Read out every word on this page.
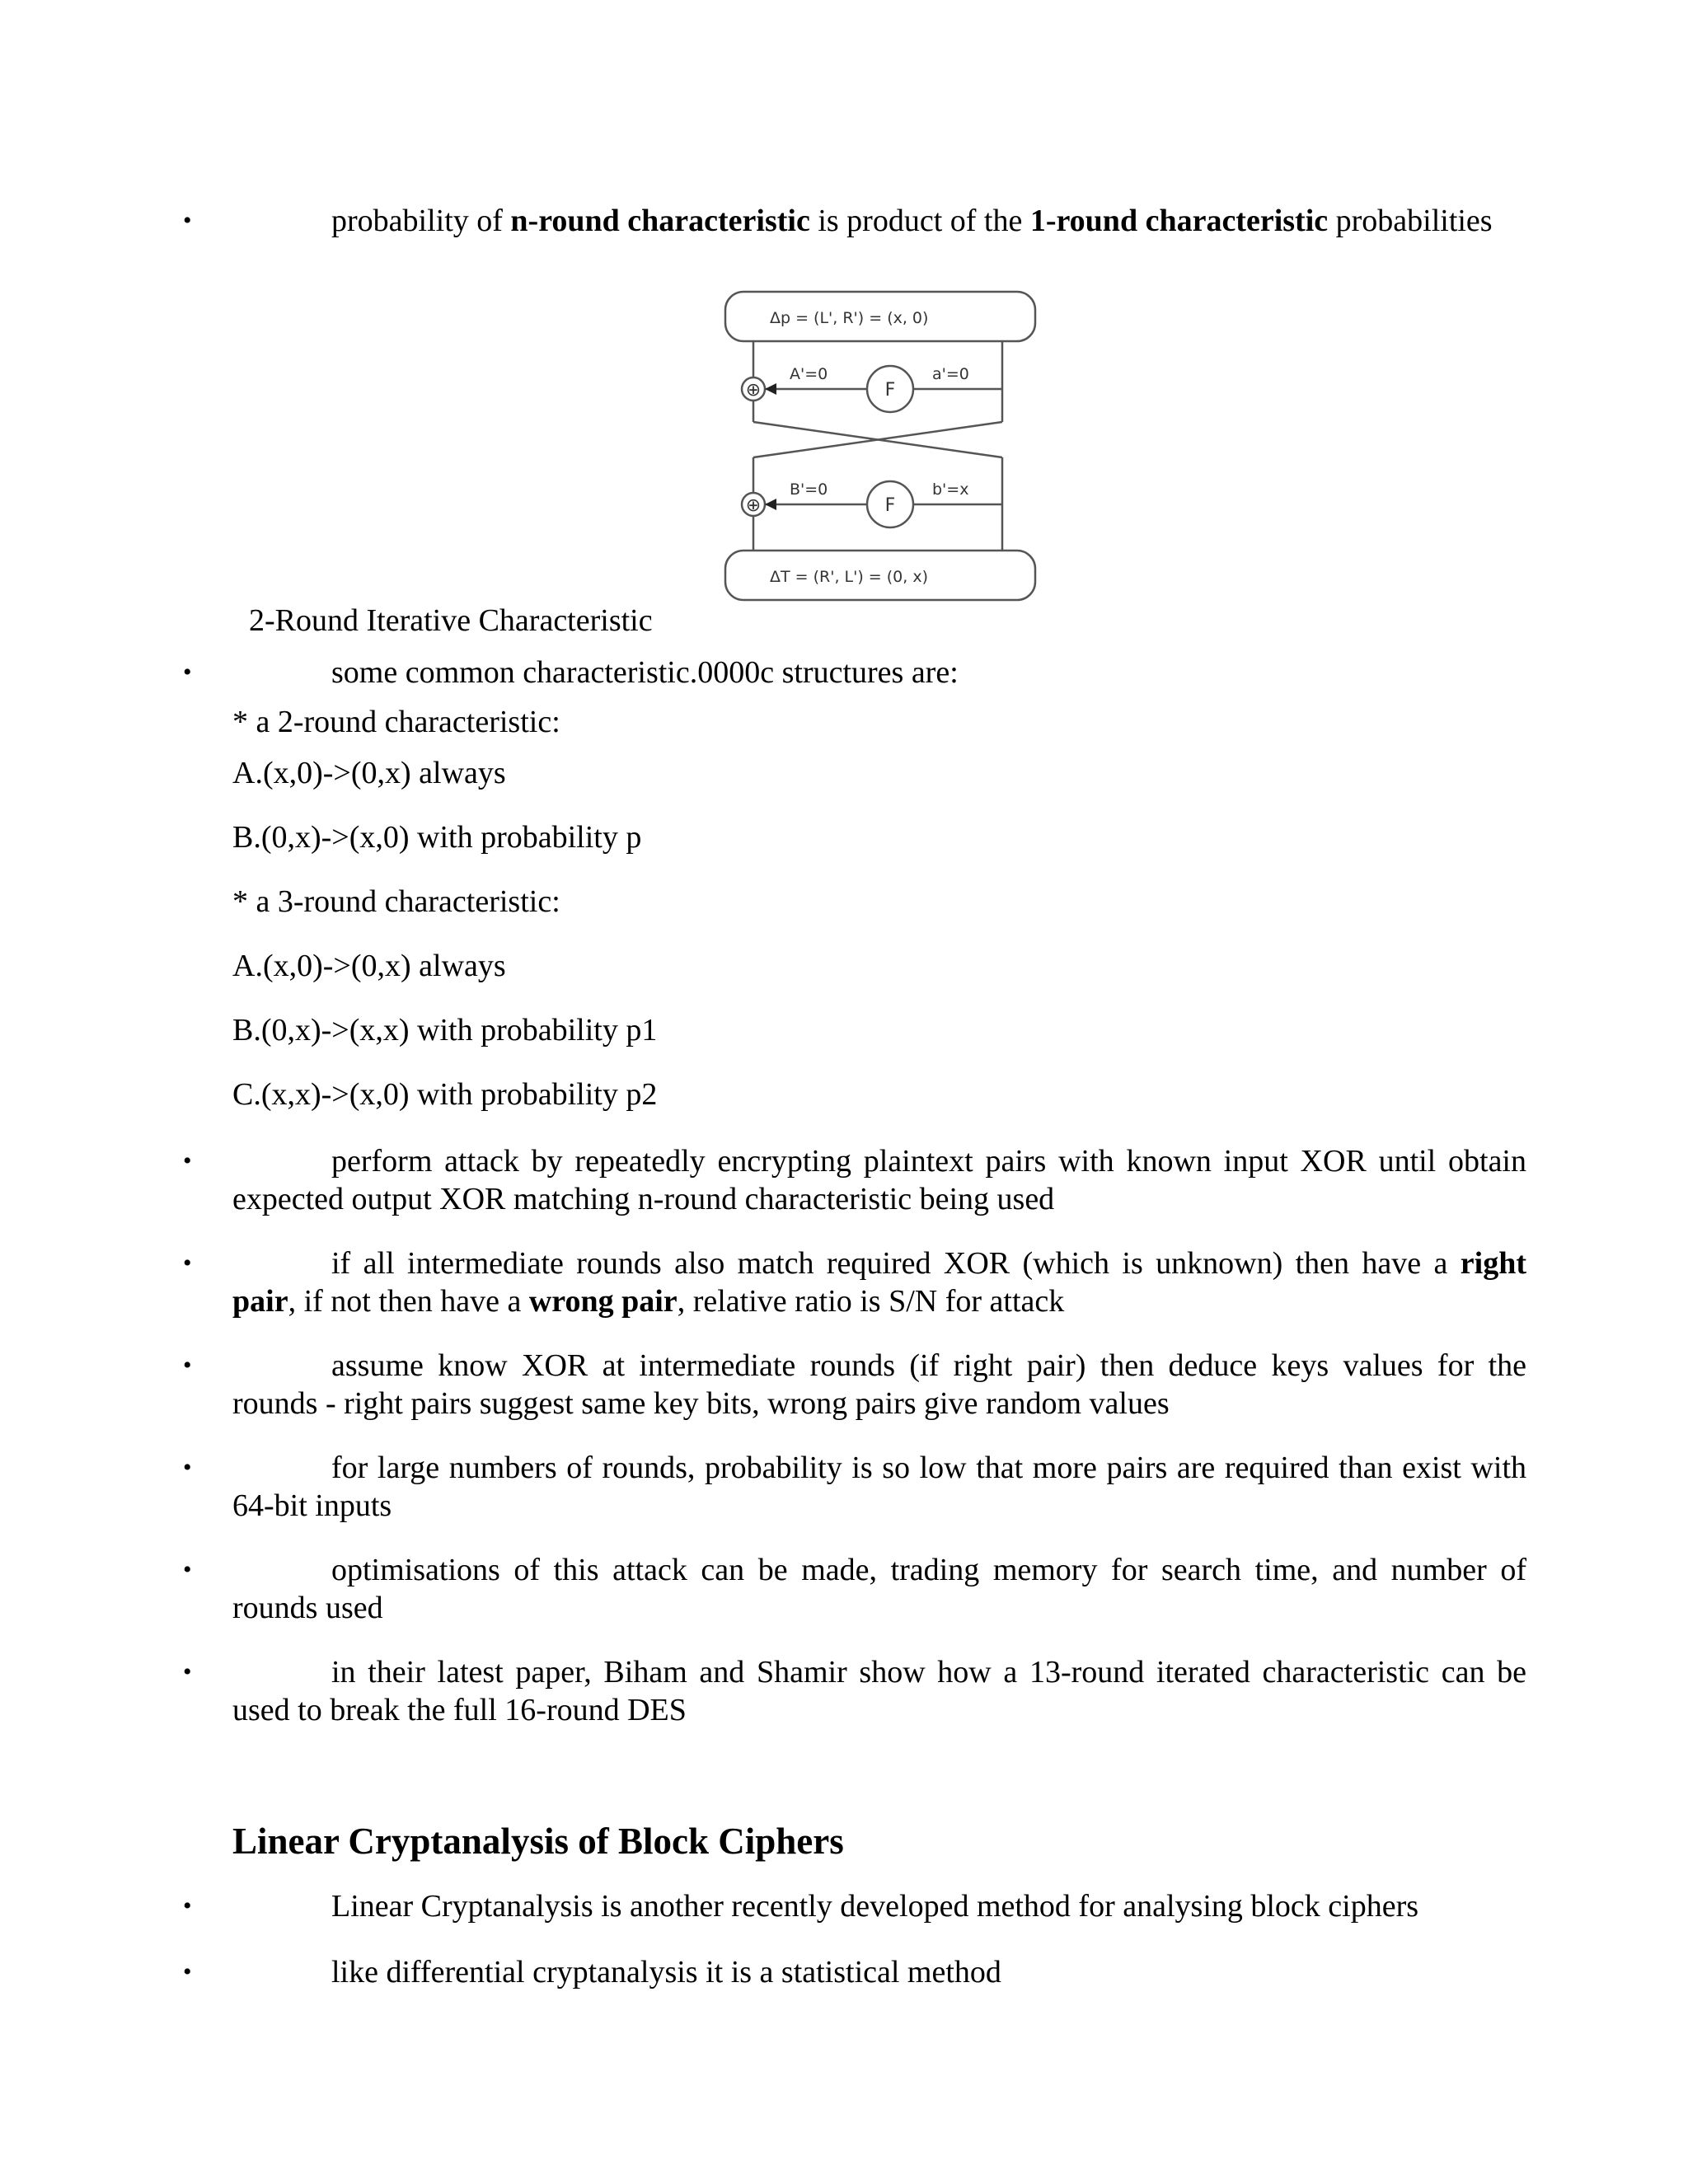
•	probability of n-round characteristic is product of the 1-round characteristic probabilities
⊕
⊕
F
F
Δp = (L', R') = (x, 0)
A'=0	a'=0
B'=0	b'=x
ΔT = (R', L') = (0, x)
2-Round Iterative Characteristic
•	some common characteristic.0000c structures are:
* a 2-round characteristic:
A.(x,0)->(0,x) always
B.(0,x)->(x,0) with probability p
* a 3-round characteristic:
A.(x,0)->(0,x) always
B.(0,x)->(x,x) with probability p1
C.(x,x)->(x,0) with probability p2
•	perform attack by repeatedly encrypting plaintext pairs with known input XOR until obtain expected output XOR matching n-round characteristic being used
•	if all intermediate rounds also match required XOR (which is unknown) then have a right pair, if not then have a wrong pair, relative ratio is S/N for attack
•	assume know XOR at intermediate rounds (if right pair) then deduce keys values for the rounds - right pairs suggest same key bits, wrong pairs give random values
•	for large numbers of rounds, probability is so low that more pairs are required than exist with 64-bit inputs
•	optimisations of this attack can be made, trading memory for search time, and number of rounds used
•	in their latest paper, Biham and Shamir show how a 13-round iterated characteristic can be used to break the full 16-round DES
Linear Cryptanalysis of Block Ciphers
•	Linear Cryptanalysis is another recently developed method for analysing block ciphers
•	like differential cryptanalysis it is a statistical method
